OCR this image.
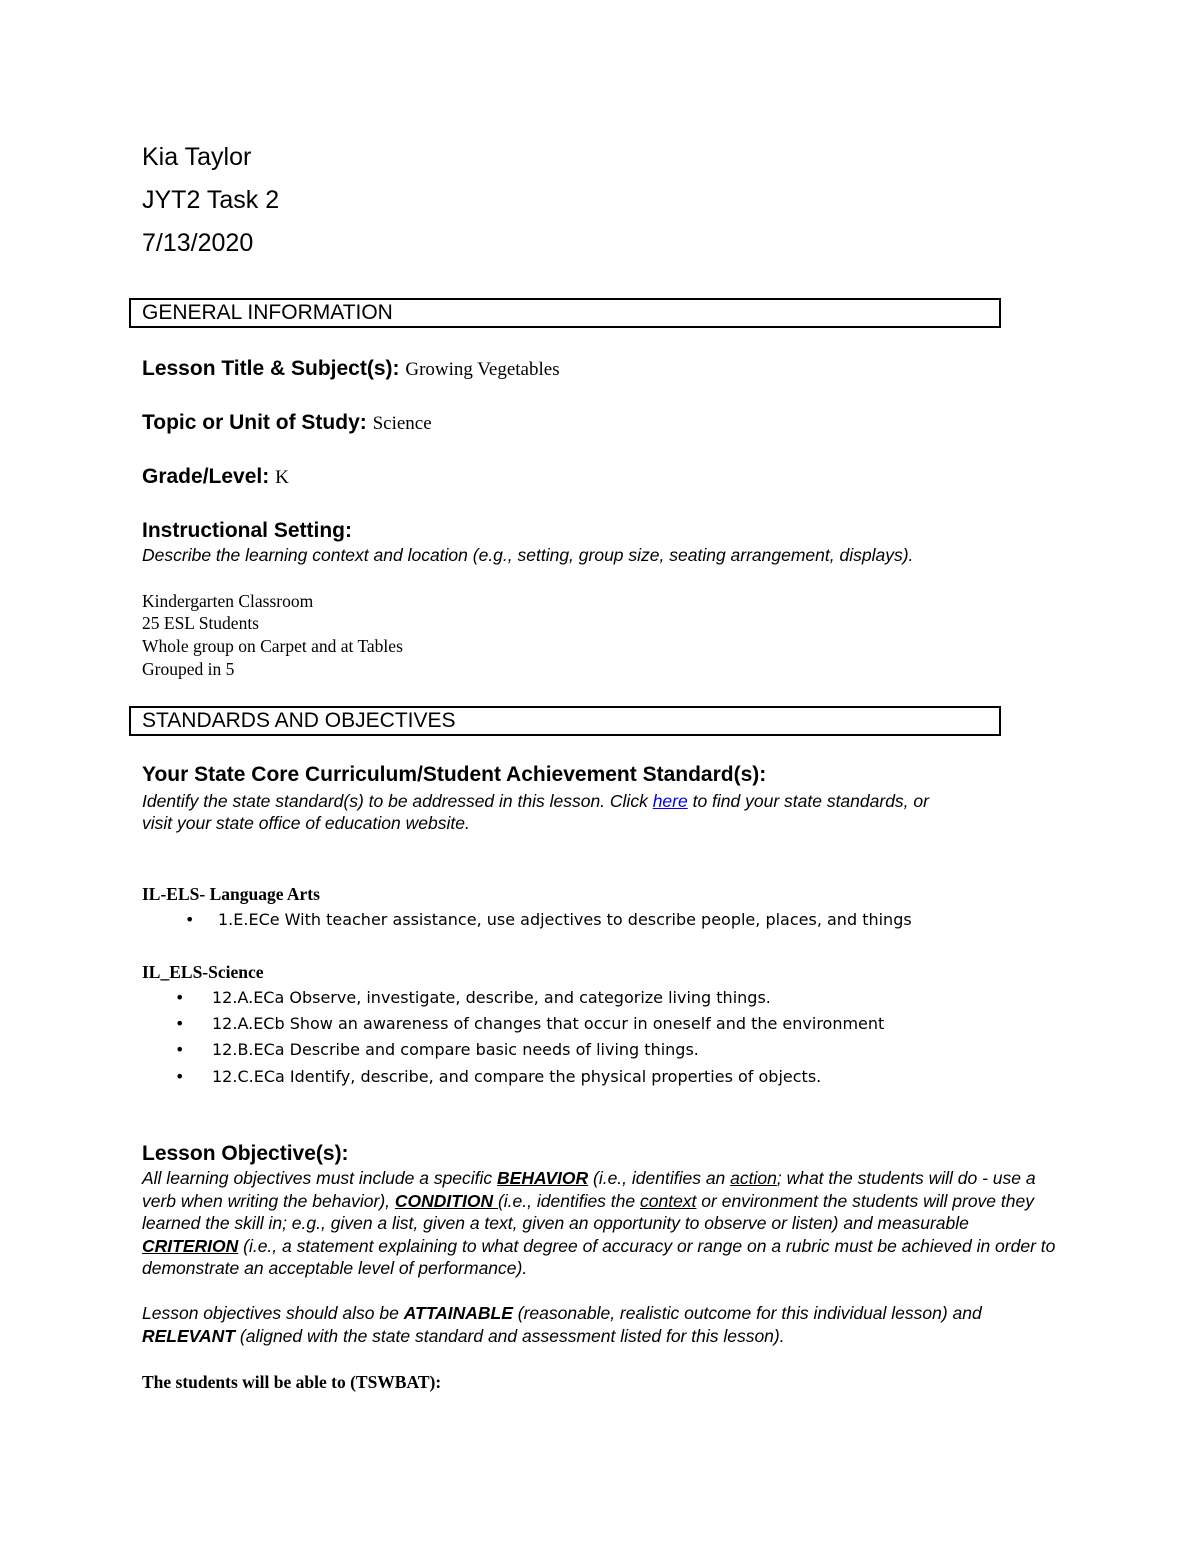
Kia Taylor
JYT2 Task 2
7/13/2020
GENERAL INFORMATION
Lesson Title & Subject(s): Growing Vegetables
Topic or Unit of Study: Science
Grade/Level: K
Instructional Setting:
Describe the learning context and location (e.g., setting, group size, seating arrangement, displays).
Kindergarten Classroom
25 ESL Students
Whole group on Carpet and at Tables
Grouped in 5
STANDARDS AND OBJECTIVES
Your State Core Curriculum/Student Achievement Standard(s):
Identify the state standard(s) to be addressed in this lesson. Click here to find your state standards, or
visit your state office of education website.
IL-ELS- Language Arts
• 1.E.ECe With teacher assistance, use adjectives to describe people, places, and things
IL_ELS-Science
• 12.A.ECa Observe, investigate, describe, and categorize living things.
• 12.A.ECb Show an awareness of changes that occur in oneself and the environment
• 12.B.ECa Describe and compare basic needs of living things.
• 12.C.ECa Identify, describe, and compare the physical properties of objects.
Lesson Objective(s):
All learning objectives must include a specific BEHAVIOR (i.e., identifies an action; what the students will do - use a verb when writing the behavior), CONDITION (i.e., identifies the context or environment the students will prove they learned the skill in; e.g., given a list, given a text, given an opportunity to observe or listen) and measurable CRITERION (i.e., a statement explaining to what degree of accuracy or range on a rubric must be achieved in order to demonstrate an acceptable level of performance).
Lesson objectives should also be ATTAINABLE (reasonable, realistic outcome for this individual lesson) and RELEVANT (aligned with the state standard and assessment listed for this lesson).
The students will be able to (TSWBAT):
